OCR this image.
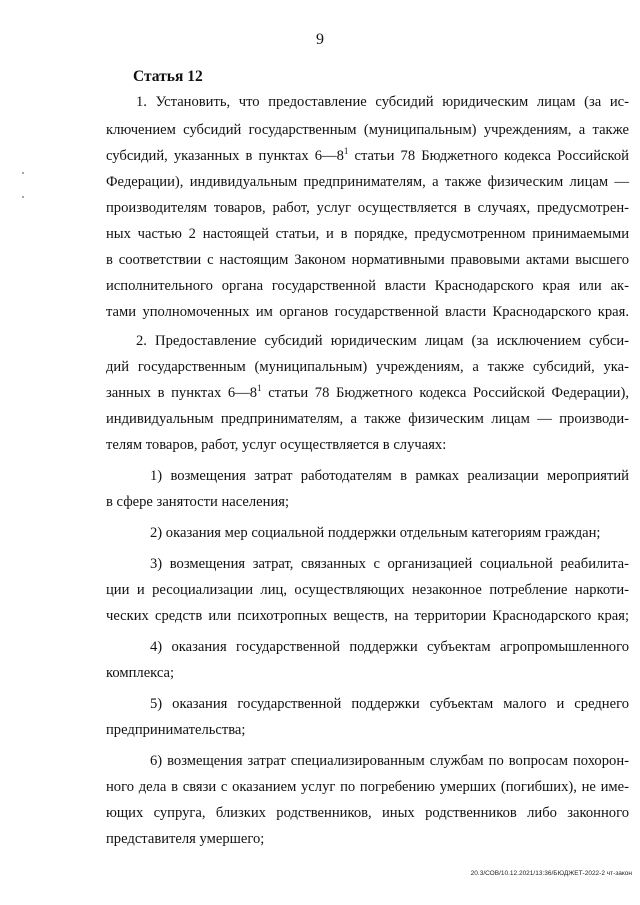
9
Статья 12
1. Установить, что предоставление субсидий юридическим лицам (за ис-
ключением субсидий государственным (муниципальным) учреждениям, а также
субсидий, указанных в пунктах $6—8^1$ статьи 78 Бюджетного кодекса Российской
Федерации), индивидуальным предпринимателям, а также физическим лицам —
производителям товаров, работ, услуг осуществляется в случаях, предусмотрен-
ных частью 2 настоящей статьи, и в порядке, предусмотренном принимаемыми
в соответствии с настоящим Законом нормативными правовыми актами высшего
исполнительного органа государственной власти Краснодарского края или ак-
тами уполномоченных им органов государственной власти Краснодарского края.
2. Предоставление субсидий юридическим лицам (за исключением субси-
дий государственным (муниципальным) учреждениям, а также субсидий, ука-
занных в пунктах $6—8^1$ статьи 78 Бюджетного кодекса Российской Федерации),
индивидуальным предпринимателям, а также физическим лицам — производи-
телям товаров, работ, услуг осуществляется в случаях:
1) возмещения затрат работодателям в рамках реализации мероприятий
в сфере занятости населения;
2) оказания мер социальной поддержки отдельным категориям граждан;
3) возмещения затрат, связанных с организацией социальной реабилита-
ции и ресоциализации лиц, осуществляющих незаконное потребление наркоти-
ческих средств или психотропных веществ, на территории Краснодарского края;
4) оказания государственной поддержки субъектам агропромышленного
комплекса;
5) оказания государственной поддержки субъектам малого и среднего
предпринимательства;
6) возмещения затрат специализированным службам по вопросам похорон-
ного дела в связи с оказанием услуг по погребению умерших (погибших), не име-
ющих супруга, близких родственников, иных родственников либо законного
представителя умершего;
20.3/СОВ/10.12.2021/13:36/БЮДЖЕТ-2022-2 чт-закон
